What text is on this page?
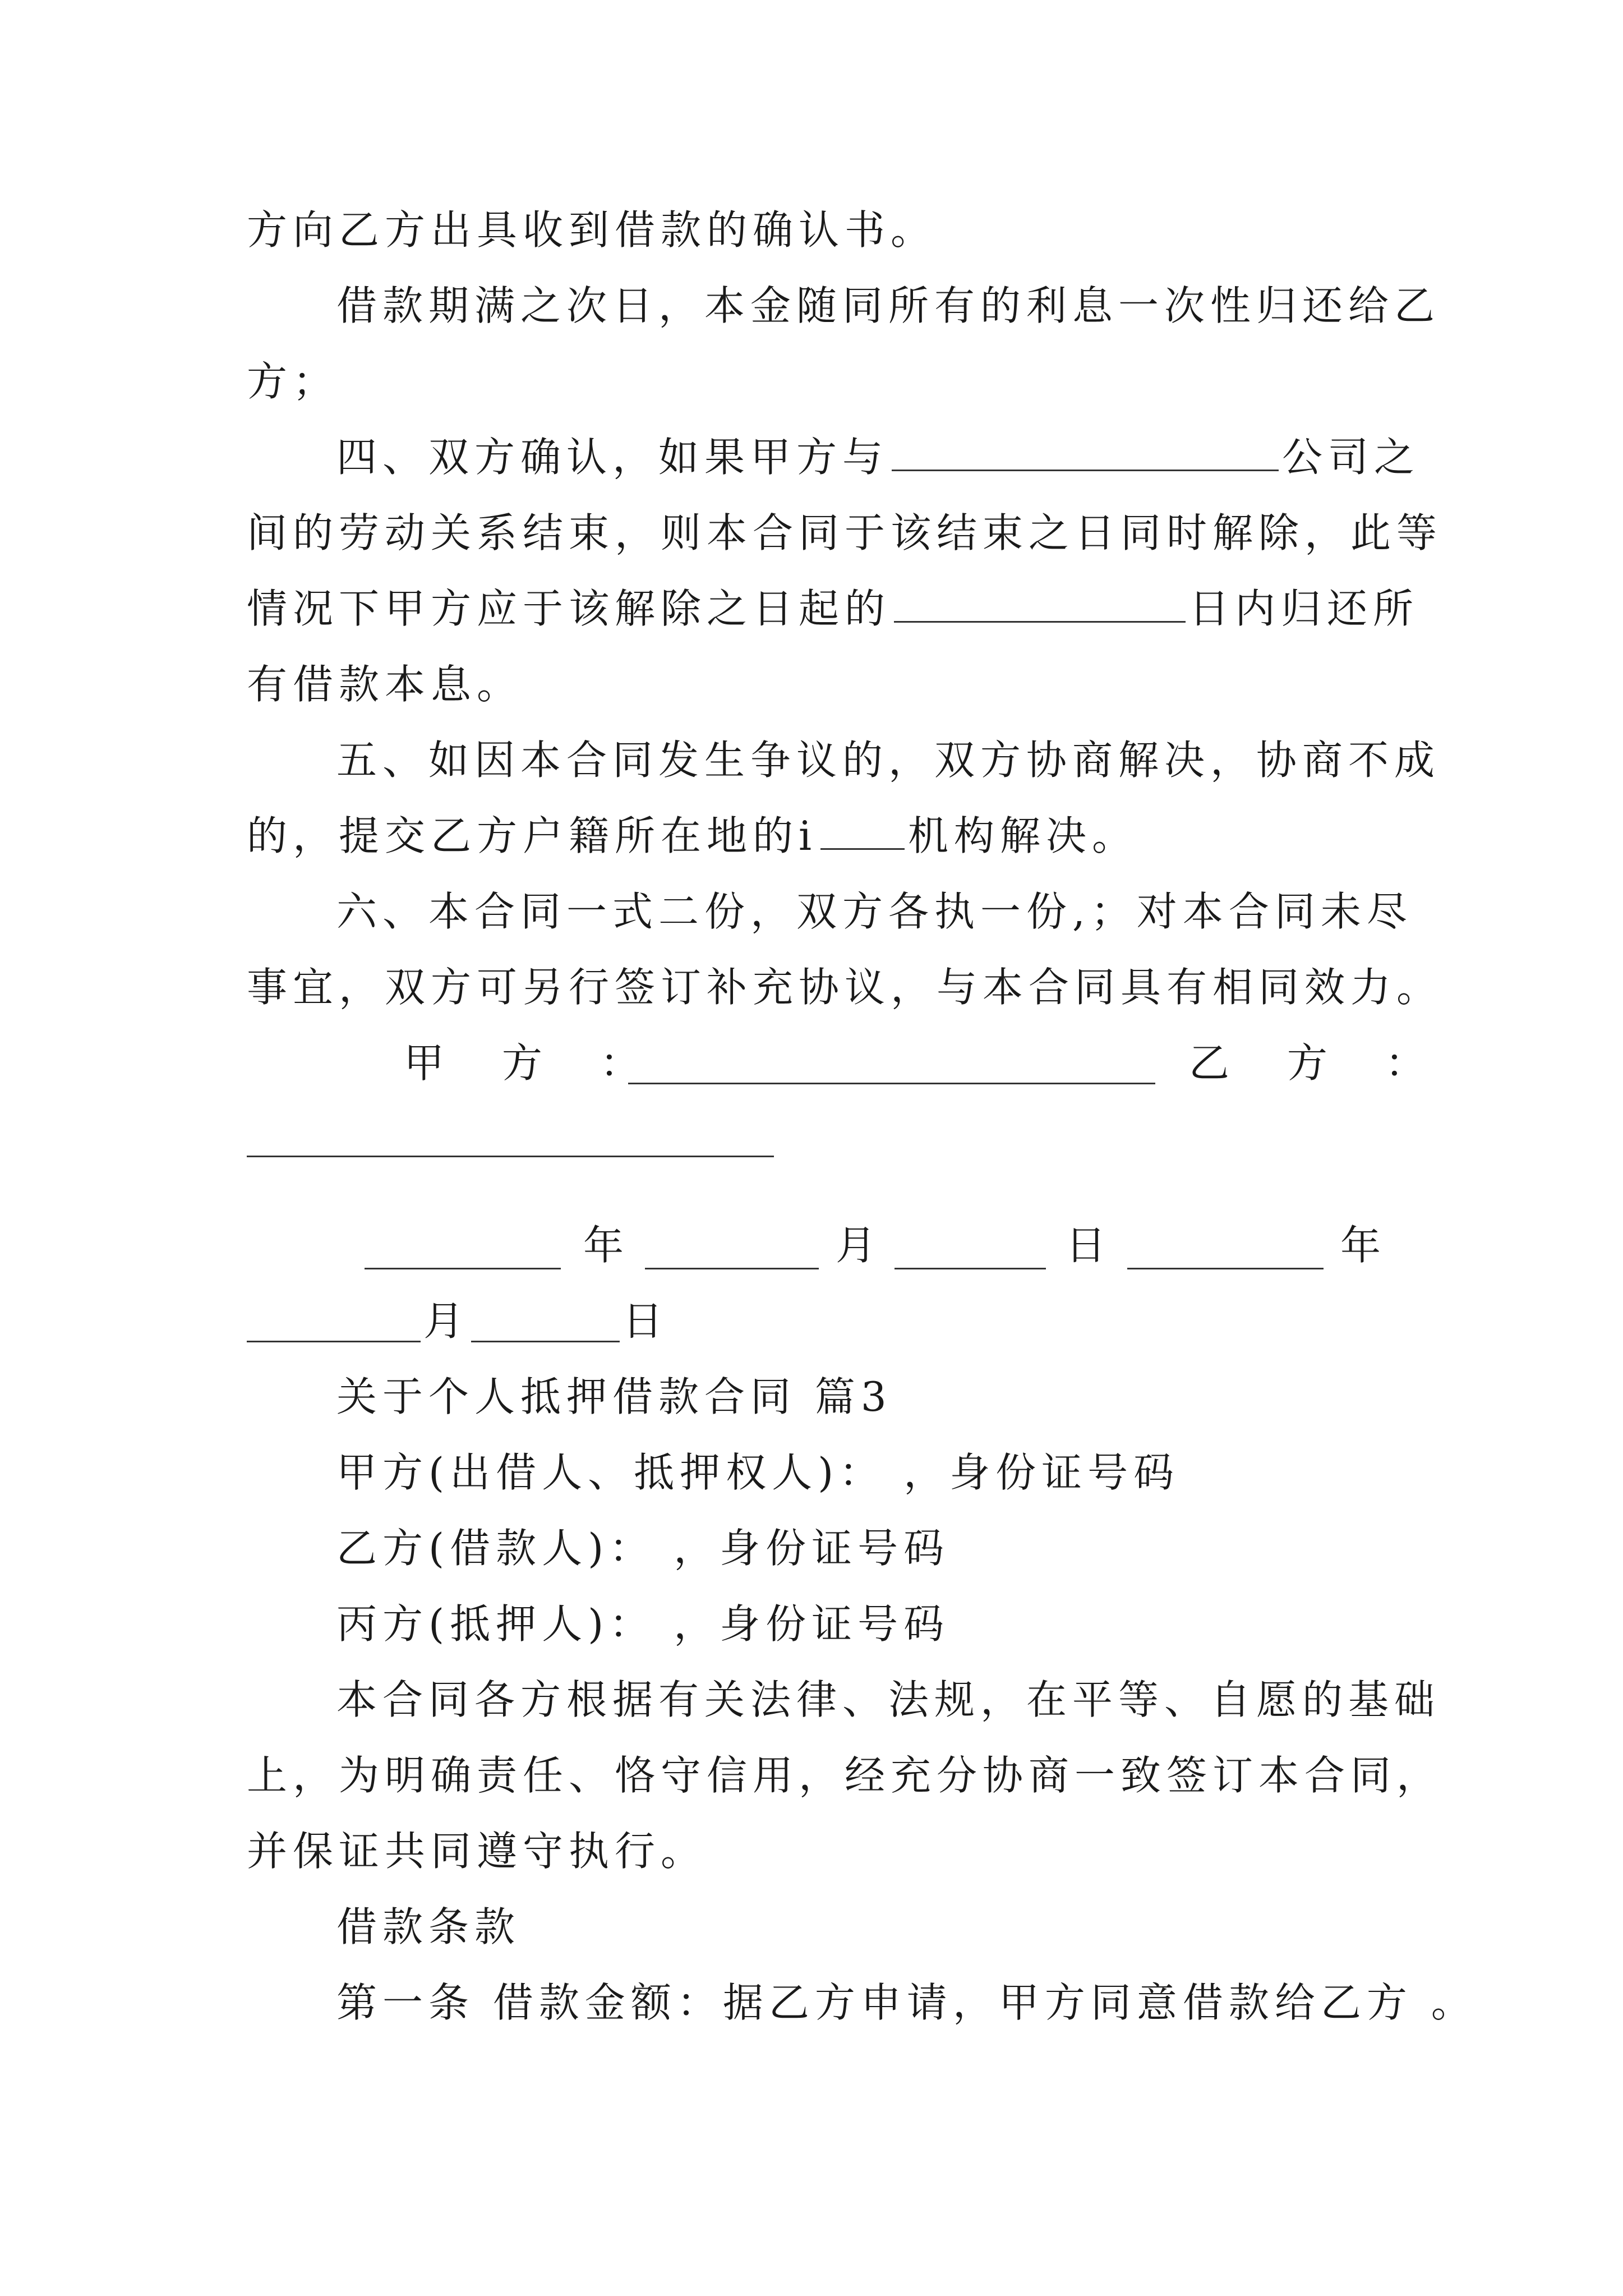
方向乙方出具收到借款的确认书。
借款期满之次日，本金随同所有的利息一次性归还给乙
方；
四、双方确认，如果甲方与	公司之
间的劳动关系结束，则本合同于该结束之日同时解除，此等
情况下甲方应于该解除之日起的	日内归还所
有借款本息。
五、如因本合同发生争议的，双方协商解决，协商不成
的，提交乙方户籍所在地的i 机构解决。
六、本合同一式二份，双方各执一份,；对本合同未尽
事宜，双方可另行签订补充协议，与本合同具有相同效力。
甲 方 ：	乙 方 ：
年	月	日	年
月	日
关于个人抵押借款合同 篇3
甲方(出借人、抵押权人)： ，身份证号码
乙方(借款人)： ，身份证号码
丙方(抵押人)： ，身份证号码
本合同各方根据有关法律、法规，在平等、自愿的基础
上，为明确责任、恪守信用，经充分协商一致签订本合同，
并保证共同遵守执行。
借款条款
第一条 借款金额：据乙方申请，甲方同意借款给乙方 。
